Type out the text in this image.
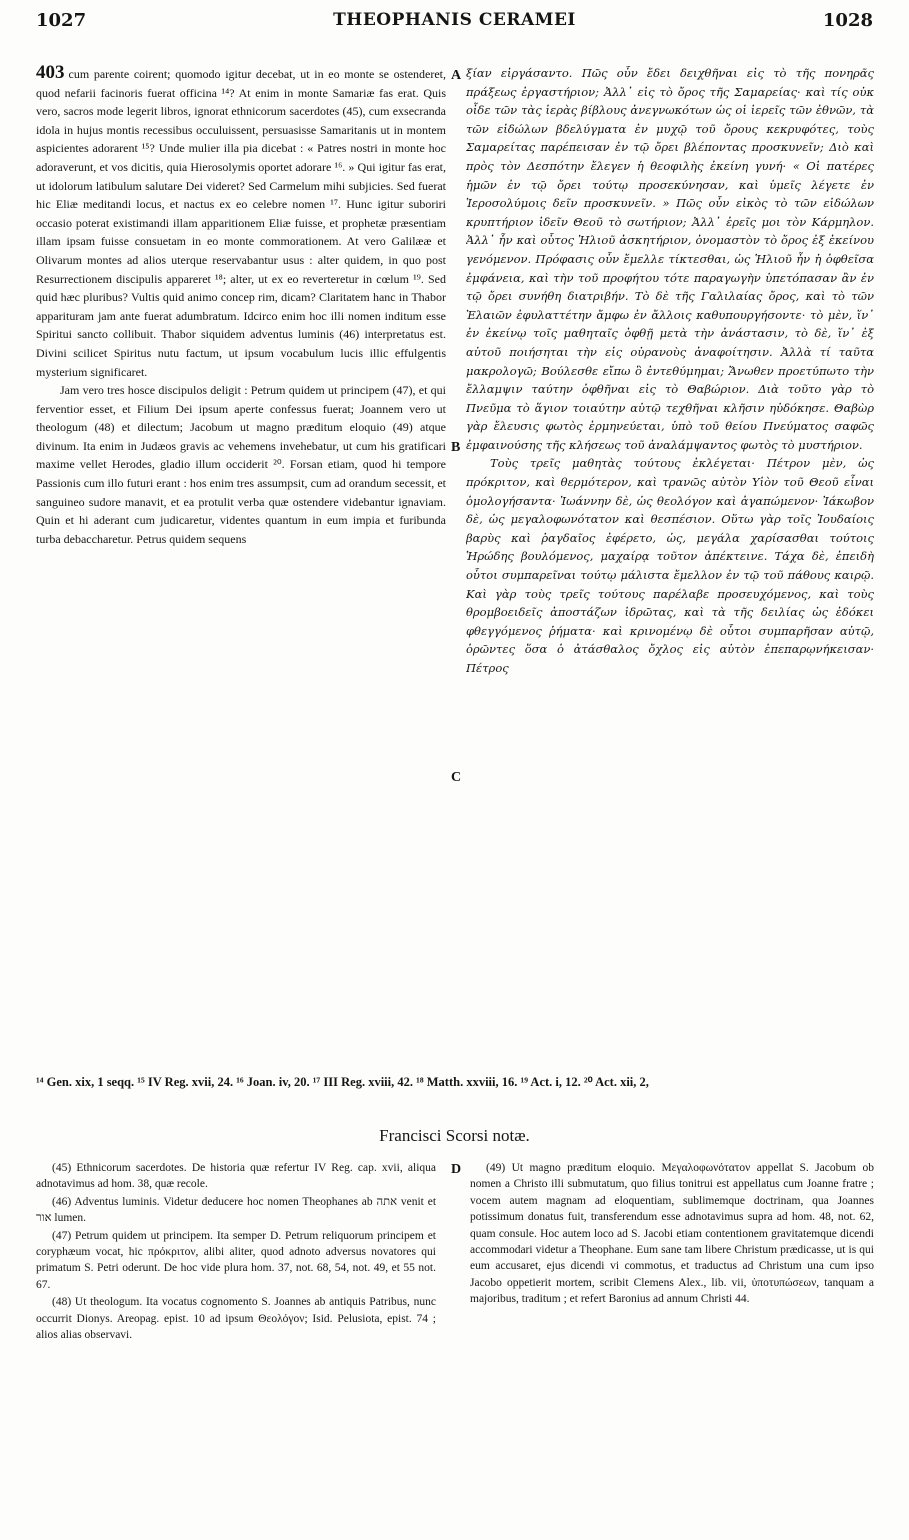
1027	THEOPHANIS CERAMEI	1028

403 cum parente coirent; quomodo igitur decebat, ut in eo monte se ostenderet, quod nefarii facinoris fuerat officina ¹⁴? At enim in monte Samariæ fas erat. Quis vero, sacros mode legerit libros, ignorat ethnicorum sacerdotes (45), cum exsecranda idola in hujus montis recessibus occuluissent, persuasisse Samaritanis ut in montem aspicientes adorarent ¹⁵? Unde mulier illa pia dicebat : « Patres nostri in monte hoc adoraverunt, et vos dicitis, quia Hierosolymis oportet adorare ¹⁶. » Qui igitur fas erat, ut idolorum latibulum salutare Dei videret? Sed Carmelum mihi subjicies. Sed fuerat hic Eliæ meditandi locus, et nactus ex eo celebre nomen ¹⁷. Hunc igitur suboriri occasio poterat existimandi illam apparitionem Eliæ fuisse, et prophetæ præsentiam illam ipsam fuisse consuetam in eo monte commorationem. At vero Galilææ et Olivarum montes ad alios uterque reservabantur usus : alter quidem, in quo post Resurrectionem discipulis appareret ¹⁸; alter, ut ex eo reverteretur in cœlum ¹⁹. Sed quid hæc pluribus? Vultis quid animo concep rim, dicam? Claritatem hanc in Thabor apparituram jam ante fuerat adumbratum. Idcirco enim hoc illi nomen inditum esse Spiritui sancto collibuit. Thabor siquidem adventus luminis (46) interpretatus est. Divini scilicet Spiritus nutu factum, ut ipsum vocabulum lucis illic effulgentis mysterium significaret.

Jam vero tres hosce discipulos deligit : Petrum quidem ut principem (47), et qui ferventior esset, et Filium Dei ipsum aperte confessus fuerat; Joannem vero ut theologum (48) et dilectum; Jacobum ut magno præditum eloquio (49) atque divinum. Ita enim in Judæos gravis ac vehemens invehebatur, ut cum his gratificari maxime vellet Herodes, gladio illum occiderit ²⁰. Forsan etiam, quod hi tempore Passionis cum illo futuri erant : hos enim tres assumpsit, cum ad orandum secessit, et sanguineo sudore manavit, et ea protulit verba quæ ostendere videbantur ignaviam. Quin et hi aderant cum judicaretur, videntes quantum in eum impia et furibunda turba debaccharetur. Petrus quidem sequens

ξίαν εἰργάσαντο. Πῶς οὖν ἔδει δειχθῆναι εἰς τὸ τῆς πονηρᾶς πράξεως ἐργαστήριον; Ἀλλ᾿ εἰς τὸ ὄρος τῆς Σαμαρείας· καὶ τίς οὐκ οἶδε τῶν τὰς ἱερὰς βίβλους ἀνεγνωκότων ὡς οἱ ἱερεῖς τῶν ἐθνῶν, τὰ τῶν εἰδώλων βδελύγματα ἐν μυχῷ τοῦ ὄρους κεκρυφότες, τοὺς Σαμαρείτας παρέπεισαν ἐν τῷ ὄρει βλέποντας προσκυνεῖν; Διὸ καὶ πρὸς τὸν Δεσπότην ἔλεγεν ἡ θεοφιλὴς ἐκείνη γυνή· « Οἱ πατέρες ἡμῶν ἐν τῷ ὄρει τούτῳ προσεκύνησαν, καὶ ὑμεῖς λέγετε ἐν Ἱεροσολύμοις δεῖν προσκυνεῖν. » Πῶς οὖν εἰκὸς τὸ τῶν εἰδώλων κρυπτήριον ἰδεῖν Θεοῦ τὸ σωτήριον; Ἀλλ᾿ ἐρεῖς μοι τὸν Κάρμηλον. Ἀλλ᾿ ἦν καὶ οὗτος Ἡλιοῦ ἀσκητήριον, ὀνομαστὸν τὸ ὄρος ἐξ ἐκείνου γενόμενον. Πρόφασις οὖν ἔμελλε τίκτεσθαι, ὡς Ἡλιοῦ ἦν ἡ ὀφθεῖσα ἐμφάνεια, καὶ τὴν τοῦ προφήτου τότε παραγωγὴν ὑπετόπασαν ἂν ἐν τῷ ὄρει συνήθη διατριβήν. Τὸ δὲ τῆς Γαλιλαίας ὄρος, καὶ τὸ τῶν Ἐλαιῶν ἐφυλαττέτην ἄμφω ἐν ἄλλοις καθυπουργήσοντε· τὸ μὲν, ἵν᾿ ἐν ἐκείνῳ τοῖς μαθηταῖς ὀφθῇ μετὰ τὴν ἀνάστασιν, τὸ δὲ, ἵν᾿ ἐξ αὐτοῦ ποιήσηται τὴν εἰς οὐρανοὺς ἀναφοίτησιν. Ἀλλὰ τί ταῦτα μακρολογῶ; Βούλεσθε εἴπω ὃ ἐντεθύμημαι; Ἄνωθεν προετύπωτο τὴν ἔλλαμψιν ταύτην ὀφθῆναι εἰς τὸ Θαβώριον. Διὰ τοῦτο γὰρ τὸ Πνεῦμα τὸ ἅγιον τοιαύτην αὐτῷ τεχθῆναι κλῆσιν ηὐδόκησε. Θαβὼρ γὰρ ἔλευσις φωτὸς ἑρμηνεύεται, ὑπὸ τοῦ θείου Πνεύματος σαφῶς ἐμφαινούσης τῆς κλήσεως τοῦ ἀναλάμψαντος φωτὸς τὸ μυστήριον.

Τοὺς τρεῖς μαθητὰς τούτους ἐκλέγεται· Πέτρον μὲν, ὡς πρόκριτον, καὶ θερμότερον, καὶ τρανῶς αὐτὸν Υἱὸν τοῦ Θεοῦ εἶναι ὁμολογήσαντα· Ἰωάννην δὲ, ὡς θεολόγον καὶ ἀγαπώμενον· Ἰάκωβον δὲ, ὡς μεγαλοφωνότατον καὶ θεσπέσιον. Οὕτω γὰρ τοῖς Ἰουδαίοις βαρὺς καὶ ῥαγδαῖος ἐφέρετο, ὡς, μεγάλα χαρίσασθαι τούτοις Ἡρώδης βουλόμενος, μαχαίρᾳ τοῦτον ἀπέκτεινε. Τάχα δὲ, ἐπειδὴ οὗτοι συμπαρεῖναι τούτῳ μάλιστα ἔμελλον ἐν τῷ τοῦ πάθους καιρῷ. Καὶ γὰρ τοὺς τρεῖς τούτους παρέλαβε προσευχόμενος, καὶ τοὺς θρομβοειδεῖς ἀποστάζων ἱδρῶτας, καὶ τὰ τῆς δειλίας ὡς ἐδόκει φθεγγόμενος ῥήματα· καὶ κρινομένῳ δὲ οὗτοι συμπαρῆσαν αὐτῷ, ὁρῶντες ὅσα ὁ ἀτάσθαλος ὄχλος εἰς αὐτὸν ἐπεπαρῳνήκεισαν· Πέτρος

A
B
C
D
¹⁴ Gen. xix, 1 seqq. ¹⁵ IV Reg. xvii, 24. ¹⁶ Joan. iv, 20. ¹⁷ III Reg. xviii, 42. ¹⁸ Matth. xxviii, 16. ¹⁹ Act. i, 12. ²⁰ Act. xii, 2,
Francisci Scorsi notæ.

(45) Ethnicorum sacerdotes. De historia quæ refertur IV Reg. cap. xvii, aliqua adnotavimus ad hom. 38, quæ recole.

(46) Adventus luminis. Videtur deducere hoc nomen Theophanes ab אתה venit et אור lumen.

(47) Petrum quidem ut principem. Ita semper D. Petrum reliquorum principem et coryphæum vocat, hic πρόκριτον, alibi aliter, quod adnoto adversus novatores qui primatum S. Petri oderunt. De hoc vide plura hom. 37, not. 68, 54, not. 49, et 55 not. 67.

(48) Ut theologum. Ita vocatus cognomento S. Joannes ab antiquis Patribus, nunc occurrit Dionys. Areopag. epist. 10 ad ipsum Θεολόγον; Isid. Pelusiota, epist. 74 ; alios alias observavi.

(49) Ut magno præditum eloquio. Μεγαλοφωνότατον appellat S. Jacobum ob nomen a Christo illi submutatum, quo filius tonitrui est appellatus cum Joanne fratre ; vocem autem magnam ad eloquentiam, sublimemque doctrinam, qua Joannes potissimum donatus fuit, transferendum esse adnotavimus supra ad hom. 48, not. 62, quam consule. Hoc autem loco ad S. Jacobi etiam contentionem gravitatemque dicendi accommodari videtur a Theophane. Eum sane tam libere Christum prædicasse, ut is qui eum accusaret, ejus dicendi vi commotus, et traductus ad Christum una cum ipso Jacobo oppetierit mortem, scribit Clemens Alex., lib. vii, ὑποτυπώσεων, tanquam a majoribus, traditum ; et refert Baronius ad annum Christi 44.
